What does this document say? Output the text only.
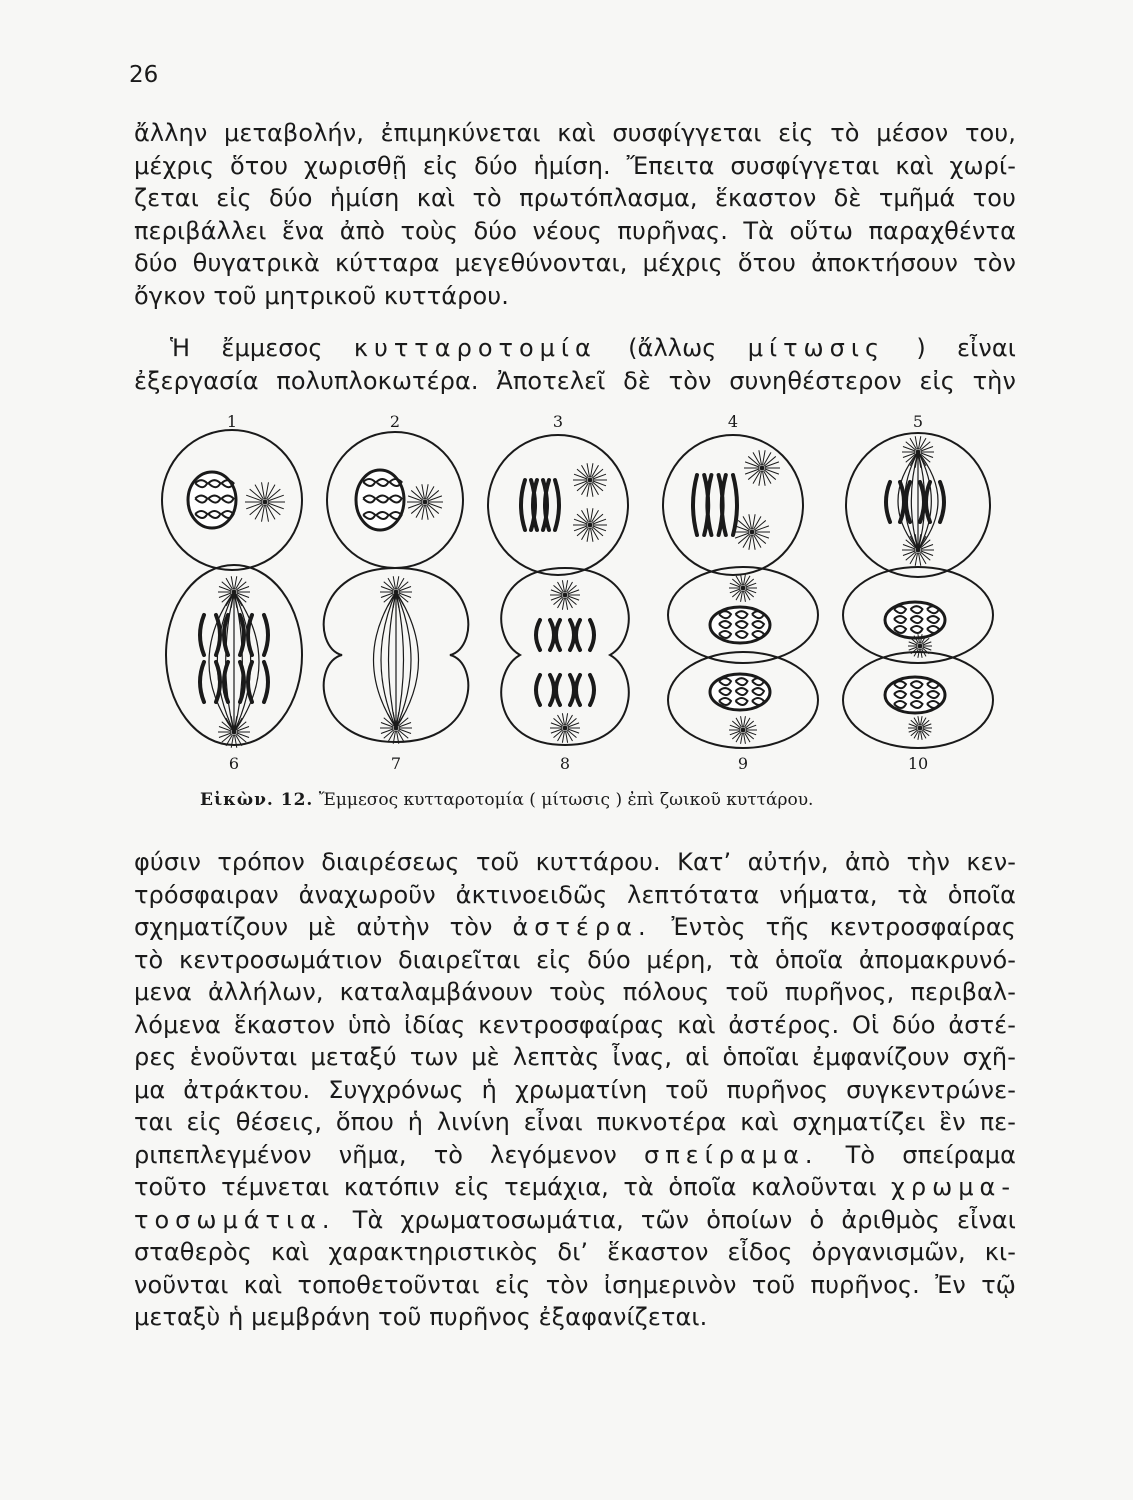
26
ἄλλην μεταβολήν, ἐπιμηκύνεται καὶ συσφίγγεται εἰς τὸ μέσον του,
μέχρις ὅτου χωρισθῇ εἰς δύο ἡμίση. Ἔπειτα συσφίγγεται καὶ χωρί-
ζεται εἰς δύο ἡμίση καὶ τὸ πρωτόπλασμα, ἕκαστον δὲ τμῆμά του
περιβάλλει ἕνα ἀπὸ τοὺς δύο νέους πυρῆνας. Τὰ οὕτω παραχθέντα
δύο θυγατρικὰ κύτταρα μεγεθύνονται, μέχρις ὅτου ἀποκτήσουν τὸν
ὄγκον τοῦ μητρικοῦ κυττάρου.
Ἡ ἔμμεσος κυτταροτομία (ἄλλως μίτωσις ) εἶναι
ἐξεργασία πολυπλοκωτέρα. Ἀποτελεῖ δὲ τὸν συνηθέστερον εἰς τὴν
1	2	3	4	5
6	7	8	9	10
Εἰκὼν. 12. Ἔμμεσος κυτταροτομία ( μίτωσις ) ἐπὶ ζωικοῦ κυττάρου.
φύσιν τρόπον διαιρέσεως τοῦ κυττάρου. Κατ’ αὐτήν, ἀπὸ τὴν κεν-
τρόσφαιραν ἀναχωροῦν ἀκτινοειδῶς λεπτότατα νήματα, τὰ ὁποῖα
σχηματίζουν μὲ αὐτὴν τὸν ἀστέρα. Ἐντὸς τῆς κεντροσφαίρας
τὸ κεντροσωμάτιον διαιρεῖται εἰς δύο μέρη, τὰ ὁποῖα ἀπομακρυνό-
μενα ἀλλήλων, καταλαμβάνουν τοὺς πόλους τοῦ πυρῆνος, περιβαλ-
λόμενα ἕκαστον ὑπὸ ἰδίας κεντροσφαίρας καὶ ἀστέρος. Οἱ δύο ἀστέ-
ρες ἑνοῦνται μεταξύ των μὲ λεπτὰς ἶνας, αἱ ὁποῖαι ἐμφανίζουν σχῆ-
μα ἀτράκτου. Συγχρόνως ἡ χρωματίνη τοῦ πυρῆνος συγκεντρώνε-
ται εἰς θέσεις, ὅπου ἡ λινίνη εἶναι πυκνοτέρα καὶ σχηματίζει ἓν πε-
ριπεπλεγμένον νῆμα, τὸ λεγόμενον σπείραμα. Τὸ σπείραμα
τοῦτο τέμνεται κατόπιν εἰς τεμάχια, τὰ ὁποῖα καλοῦνται χρωμα-
τοσωμάτια. Τὰ χρωματοσωμάτια, τῶν ὁποίων ὁ ἀριθμὸς εἶναι
σταθερὸς καὶ χαρακτηριστικὸς δι’ ἕκαστον εἶδος ὀργανισμῶν, κι-
νοῦνται καὶ τοποθετοῦνται εἰς τὸν ἰσημερινὸν τοῦ πυρῆνος. Ἐν τῷ
μεταξὺ ἡ μεμβράνη τοῦ πυρῆνος ἐξαφανίζεται.
